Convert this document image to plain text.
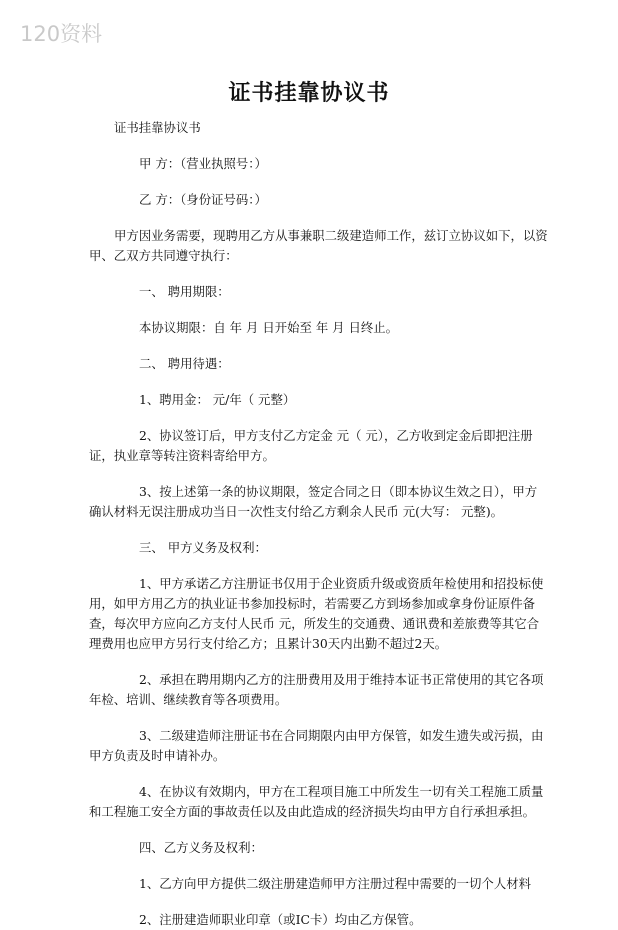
120资料
证书挂靠协议书

证书挂靠协议书

甲 方：（营业执照号：）

乙 方：（身份证号码：）

甲方因业务需要，现聘用乙方从事兼职二级建造师工作，兹订立协议如下，以资甲、乙双方共同遵守执行：

一、 聘用期限：

本协议期限：自 年 月 日开始至 年 月 日终止。

二、 聘用待遇：

1、聘用金： 元/年（ 元整）

2、协议签订后，甲方支付乙方定金 元（ 元），乙方收到定金后即把注册证，执业章等转注资料寄给甲方。

3、按上述第一条的协议期限，签定合同之日（即本协议生效之日），甲方确认材料无误注册成功当日一次性支付给乙方剩余人民币 元(大写： 元整)。

三、 甲方义务及权利：

1、甲方承诺乙方注册证书仅用于企业资质升级或资质年检使用和招投标使用，如甲方用乙方的执业证书参加投标时，若需要乙方到场参加或拿身份证原件备查，每次甲方应向乙方支付人民币 元，所发生的交通费、通讯费和差旅费等其它合理费用也应甲方另行支付给乙方；且累计30天内出勤不超过2天。

2、承担在聘用期内乙方的注册费用及用于维持本证书正常使用的其它各项年检、培训、继续教育等各项费用。

3、二级建造师注册证书在合同期限内由甲方保管，如发生遗失或污损，由甲方负责及时申请补办。

4、在协议有效期内，甲方在工程项目施工中所发生一切有关工程施工质量和工程施工安全方面的事故责任以及由此造成的经济损失均由甲方自行承担承担。

四、乙方义务及权利：

1、乙方向甲方提供二级注册建造师甲方注册过程中需要的一切个人材料

2、注册建造师职业印章（或IC卡）均由乙方保管。
